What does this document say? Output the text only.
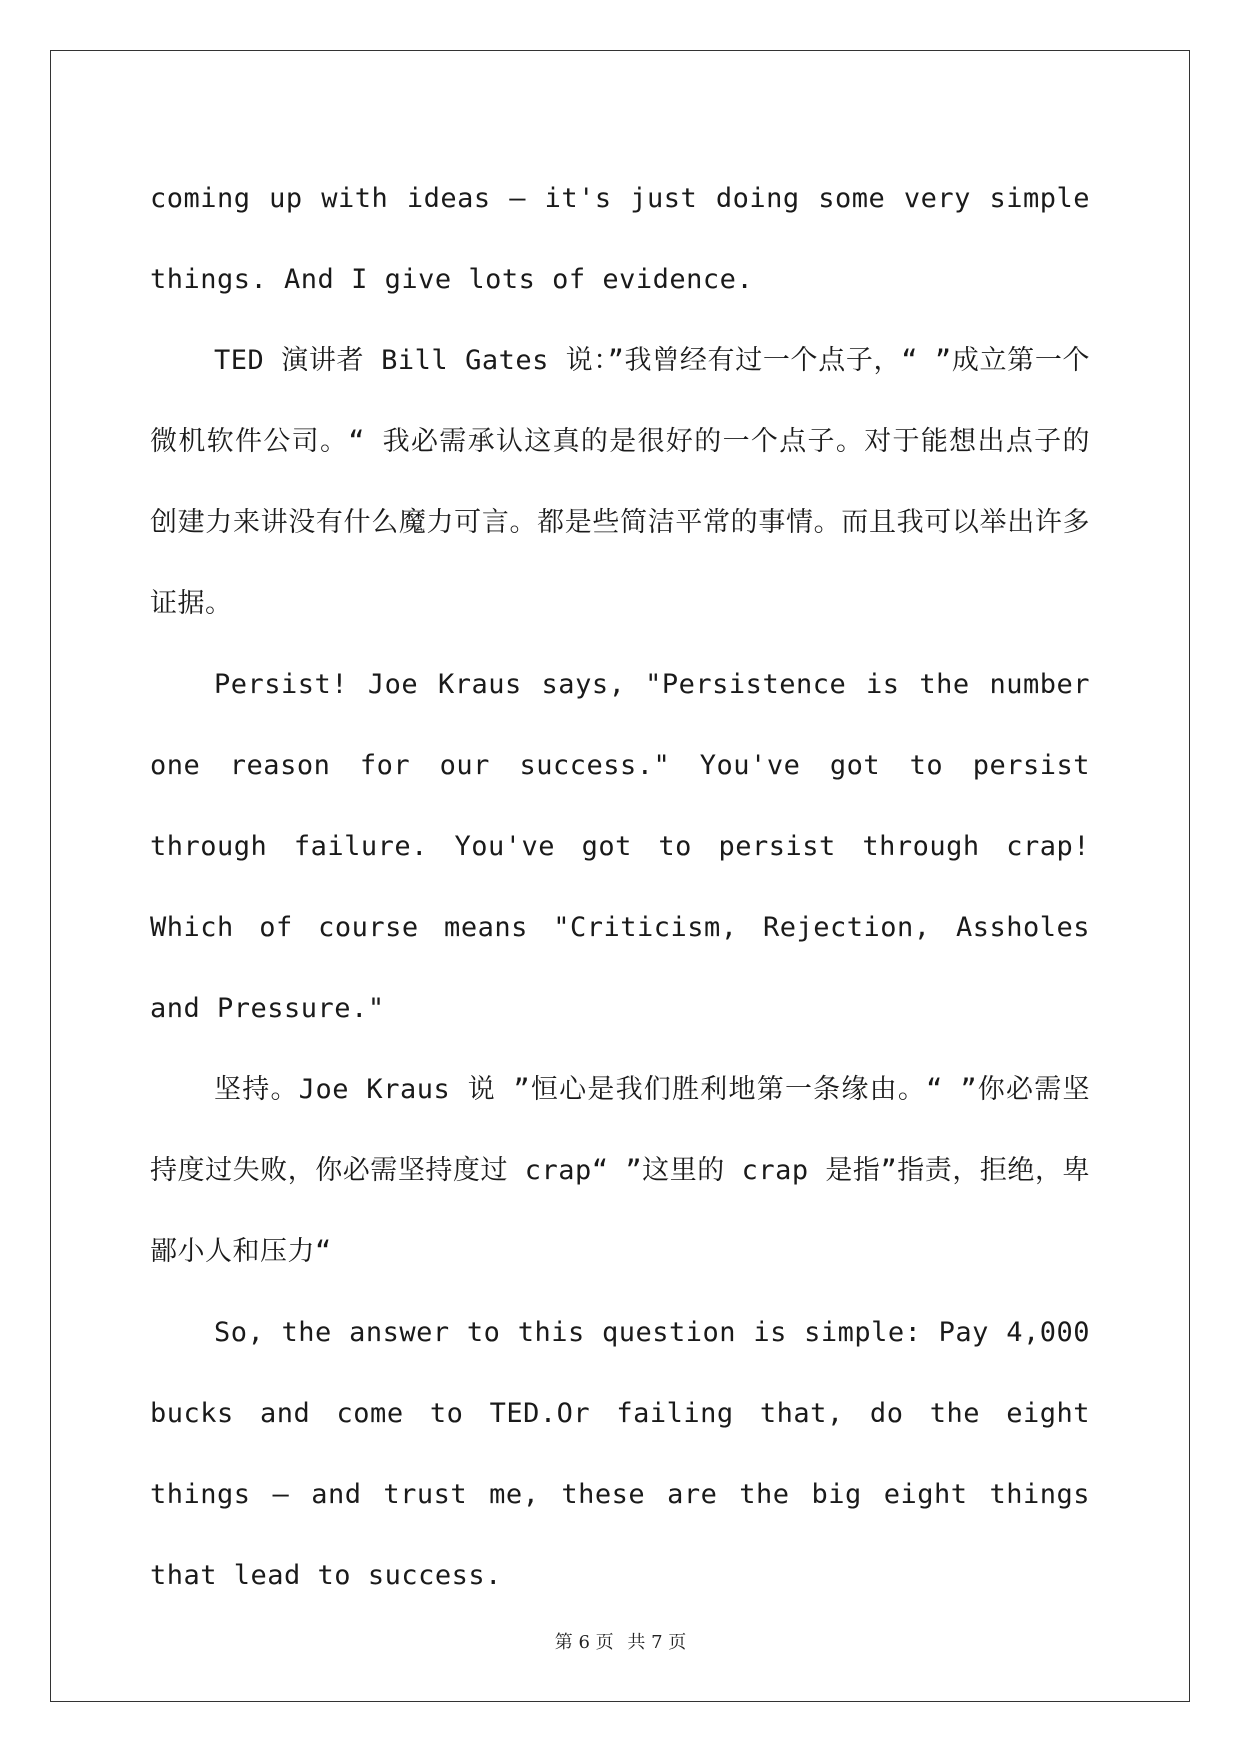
coming up with ideas — it's just doing some very simple things. And I give lots of evidence.

TED 演讲者 Bill Gates 说：”我曾经有过一个点子，“ ”成立第一个微机软件公司。“ 我必需承认这真的是很好的一个点子。对于能想出点子的创建力来讲没有什么魔力可言。都是些简洁平常的事情。而且我可以举出许多证据。

Persist! Joe Kraus says, "Persistence is the number one reason for our success." You've got to persist through failure. You've got to persist through crap! Which of course means "Criticism, Rejection, Assholes and Pressure."

坚持。Joe Kraus 说 ”恒心是我们胜利地第一条缘由。“ ”你必需坚持度过失败，你必需坚持度过 crap“ ”这里的 crap 是指”指责，拒绝，卑鄙小人和压力“

So, the answer to this question is simple: Pay 4,000 bucks and come to TED.Or failing that, do the eight things — and trust me, these are the big eight things that lead to success.

第 6 页 共 7 页
